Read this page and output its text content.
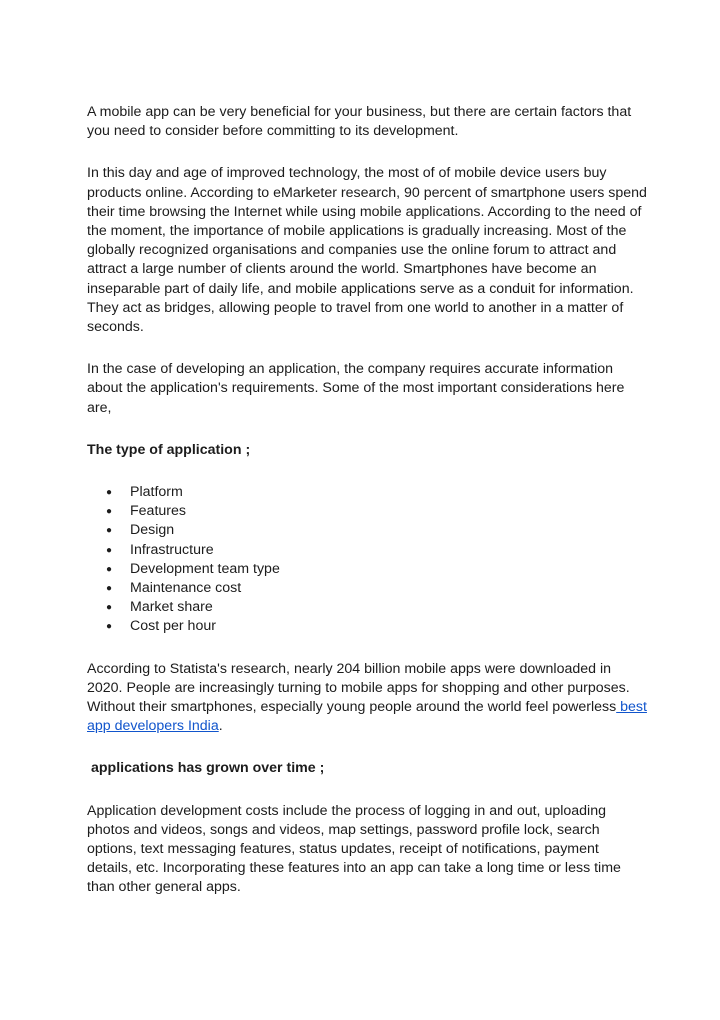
A mobile app can be very beneficial for your business, but there are certain factors that you need to consider before committing to its development.

In this day and age of improved technology, the most of of mobile device users buy products online. According to eMarketer research, 90 percent of smartphone users spend their time browsing the Internet while using mobile applications. According to the need of the moment, the importance of mobile applications is gradually increasing. Most of the globally recognized organisations and companies use the online forum to attract and attract a large number of clients around the world. Smartphones have become an inseparable part of daily life, and mobile applications serve as a conduit for information. They act as bridges, allowing people to travel from one world to another in a matter of seconds.

In the case of developing an application, the company requires accurate information about the application's requirements. Some of the most important considerations here are,

The type of application ;

● Platform
● Features
● Design
● Infrastructure
● Development team type
● Maintenance cost
● Market share
● Cost per hour

According to Statista's research, nearly 204 billion mobile apps were downloaded in 2020. People are increasingly turning to mobile apps for shopping and other purposes. Without their smartphones, especially young people around the world feel powerless best app developers India.

applications has grown over time ;

Application development costs include the process of logging in and out, uploading photos and videos, songs and videos, map settings, password profile lock, search options, text messaging features, status updates, receipt of notifications, payment details, etc. Incorporating these features into an app can take a long time or less time than other general apps.
